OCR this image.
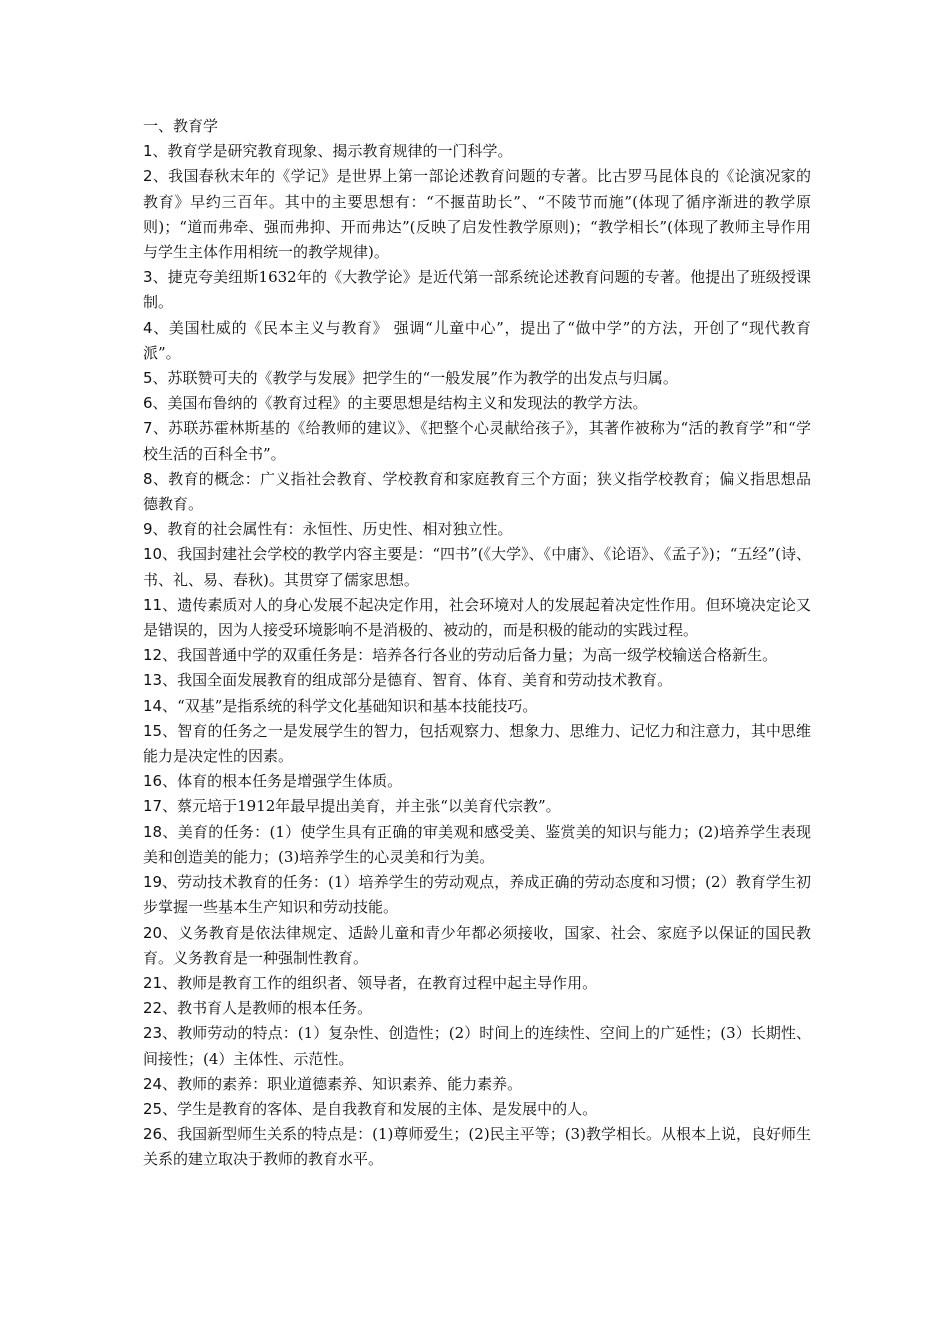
一、教育学

1、教育学是研究教育现象、揭示教育规律的一门科学。

2、我国春秋末年的《学记》是世界上第一部论述教育问题的专著。比古罗马昆体良的《论演况家的教育》早约三百年。其中的主要思想有：“不揠苗助长”、“不陵节而施”(体现了循序渐进的教学原则)；“道而弗牵、强而弗抑、开而弗达”(反映了启发性教学原则)；“教学相长”(体现了教师主导作用与学生主体作用相统一的教学规律)。

3、捷克夸美纽斯1632年的《大教学论》是近代第一部系统论述教育问题的专著。他提出了班级授课制。

4、美国杜威的《民本主义与教育》 强调“儿童中心”，提出了“做中学”的方法，开创了“现代教育派”。

5、苏联赞可夫的《教学与发展》把学生的“一般发展”作为教学的出发点与归属。

6、美国布鲁纳的《教育过程》的主要思想是结构主义和发现法的教学方法。

7、苏联苏霍林斯基的《给教师的建议》、《把整个心灵献给孩子》，其著作被称为“活的教育学”和“学校生活的百科全书”。

8、教育的概念：广义指社会教育、学校教育和家庭教育三个方面；狭义指学校教育；偏义指思想品德教育。

9、教育的社会属性有：永恒性、历史性、相对独立性。

10、我国封建社会学校的教学内容主要是：“四书”(《大学》、《中庸》、《论语》、《孟子》)；“五经”(诗、书、礼、易、春秋)。其贯穿了儒家思想。

11、遗传素质对人的身心发展不起决定作用，社会环境对人的发展起着决定性作用。但环境决定论又是错误的，因为人接受环境影响不是消极的、被动的，而是积极的能动的实践过程。

12、我国普通中学的双重任务是：培养各行各业的劳动后备力量；为高一级学校输送合格新生。

13、我国全面发展教育的组成部分是德育、智育、体育、美育和劳动技术教育。

14、“双基”是指系统的科学文化基础知识和基本技能技巧。

15、智育的任务之一是发展学生的智力，包括观察力、想象力、思维力、记忆力和注意力，其中思维能力是决定性的因素。

16、体育的根本任务是增强学生体质。

17、蔡元培于1912年最早提出美育，并主张“以美育代宗教”。

18、美育的任务：(1）使学生具有正确的审美观和感受美、鉴赏美的知识与能力；(2)培养学生表现美和创造美的能力；(3)培养学生的心灵美和行为美。

19、劳动技术教育的任务：(1）培养学生的劳动观点，养成正确的劳动态度和习惯；(2）教育学生初步掌握一些基本生产知识和劳动技能。

20、义务教育是依法律规定、适龄儿童和青少年都必须接收，国家、社会、家庭予以保证的国民教育。义务教育是一种强制性教育。

21、教师是教育工作的组织者、领导者，在教育过程中起主导作用。

22、教书育人是教师的根本任务。

23、教师劳动的特点：(1）复杂性、创造性；(2）时间上的连续性、空间上的广延性；(3）长期性、间接性；(4）主体性、示范性。

24、教师的素养：职业道德素养、知识素养、能力素养。

25、学生是教育的客体、是自我教育和发展的主体、是发展中的人。

26、我国新型师生关系的特点是：(1)尊师爱生；(2)民主平等；(3)教学相长。从根本上说，良好师生关系的建立取决于教师的教育水平。
